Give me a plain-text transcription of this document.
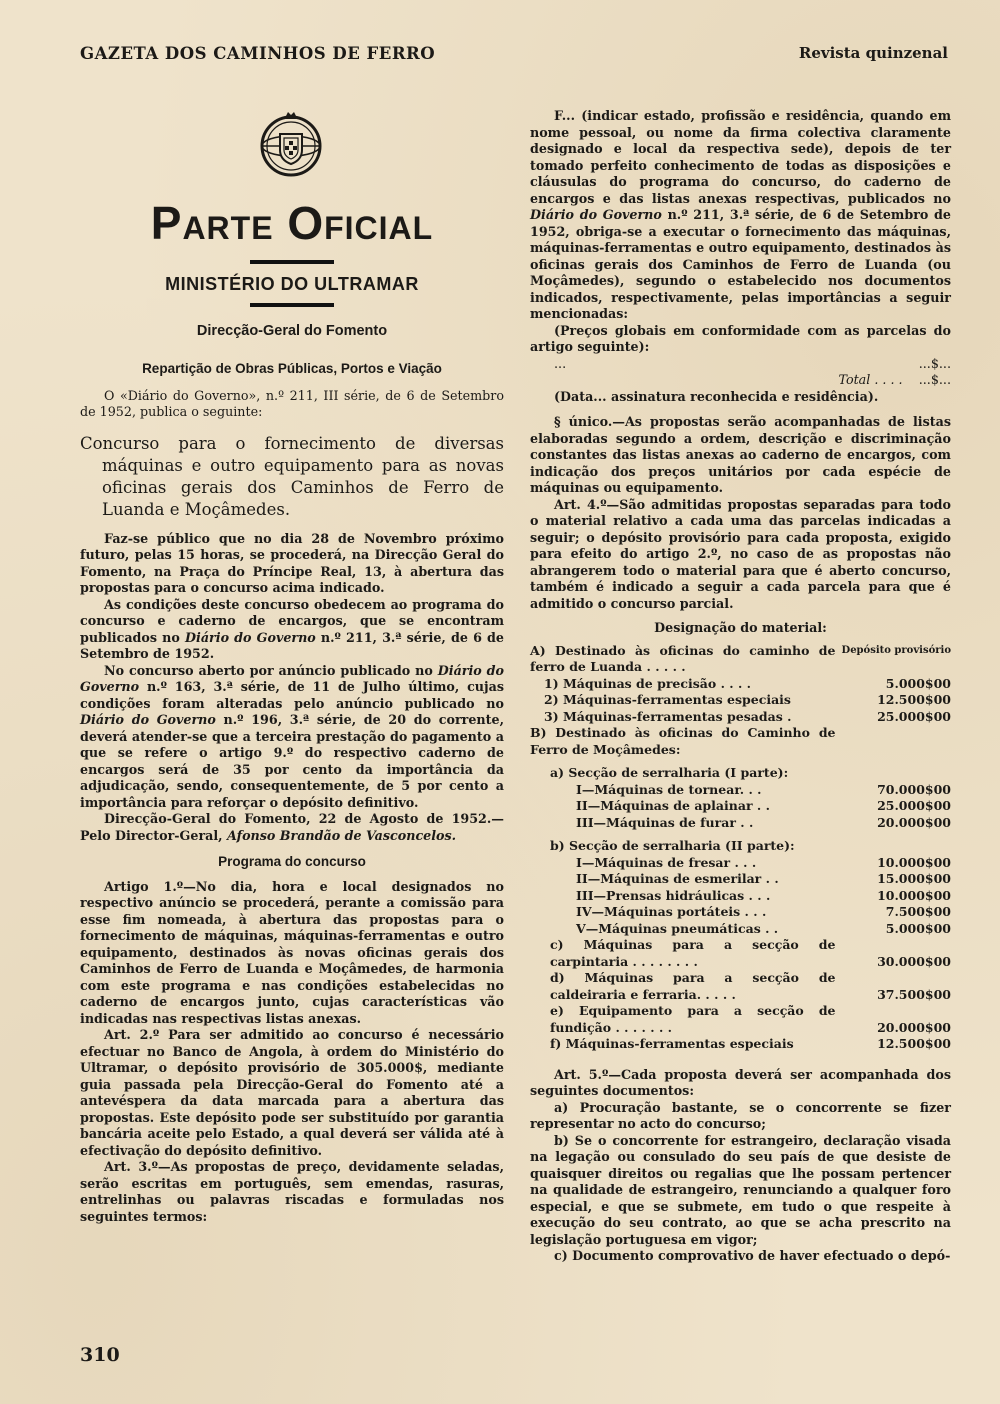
GAZETA DOS CAMINHOS DE FERRO	Revista quinzenal
Parte Oficial
MINISTÉRIO DO ULTRAMAR
Direcção-Geral do Fomento
Repartição de Obras Públicas, Portos e Viação

O «Diário do Governo», n.º 211, III série, de 6 de Setembro de 1952, publica o seguinte:

Concurso para o fornecimento de diversas máquinas e outro equipamento para as novas oficinas gerais dos Caminhos de Ferro de Luanda e Moçâmedes.

Faz-se público que no dia 28 de Novembro próximo futuro, pelas 15 horas, se procederá, na Direcção Geral do Fomento, na Praça do Príncipe Real, 13, à abertura das propostas para o concurso acima indicado.

As condições deste concurso obedecem ao programa do concurso e caderno de encargos, que se encontram publicados no Diário do Governo n.º 211, 3.ª série, de 6 de Setembro de 1952.

No concurso aberto por anúncio publicado no Diário do Governo n.º 163, 3.ª série, de 11 de Julho último, cujas condições foram alteradas pelo anúncio publicado no Diário do Governo n.º 196, 3.ª série, de 20 do corrente, deverá atender-se que a terceira prestação do pagamento a que se refere o artigo 9.º do respectivo caderno de encargos será de 35 por cento da importância da adjudicação, sendo, consequentemente, de 5 por cento a importância para reforçar o depósito definitivo.

Direcção-Geral do Fomento, 22 de Agosto de 1952.—Pelo Director-Geral, Afonso Brandão de Vasconcelos.

Programa do concurso

Artigo 1.º—No dia, hora e local designados no respectivo anúncio se procederá, perante a comissão para esse fim nomeada, à abertura das propostas para o fornecimento de máquinas, máquinas-ferramentas e outro equipamento, destinados às novas oficinas gerais dos Caminhos de Ferro de Luanda e Moçâmedes, de harmonia com este programa e nas condições estabelecidas no caderno de encargos junto, cujas características vão indicadas nas respectivas listas anexas.

Art. 2.º Para ser admitido ao concurso é necessário efectuar no Banco de Angola, à ordem do Ministério do Ultramar, o depósito provisório de 305.000$, mediante guia passada pela Direcção-Geral do Fomento até a antevéspera da data marcada para a abertura das propostas. Este depósito pode ser substituído por garantia bancária aceite pelo Estado, a qual deverá ser válida até à efectivação do depósito definitivo.

Art. 3.º—As propostas de preço, devidamente seladas, serão escritas em português, sem emendas, rasuras, entrelinhas ou palavras riscadas e formuladas nos seguintes termos:

F... (indicar estado, profissão e residência, quando em nome pessoal, ou nome da firma colectiva claramente designado e local da respectiva sede), depois de ter tomado perfeito conhecimento de todas as disposições e cláusulas do programa do concurso, do caderno de encargos e das listas anexas respectivas, publicados no Diário do Governo n.º 211, 3.ª série, de 6 de Setembro de 1952, obriga-se a executar o fornecimento das máquinas, máquinas-ferramentas e outro equipamento, destinados às oficinas gerais dos Caminhos de Ferro de Luanda (ou Moçâmedes), segundo o estabelecido nos documentos indicados, respectivamente, pelas importâncias a seguir mencionadas:

(Preços globais em conformidade com as parcelas do artigo seguinte):

...	...$...
Total . . . . ...$...

(Data... assinatura reconhecida e residência).

§ único.—As propostas serão acompanhadas de listas elaboradas segundo a ordem, descrição e discriminação constantes das listas anexas ao caderno de encargos, com indicação dos preços unitários por cada espécie de máquinas ou equipamento.

Art. 4.º—São admitidas propostas separadas para todo o material relativo a cada uma das parcelas indicadas a seguir; o depósito provisório para cada proposta, exigido para efeito do artigo 2.º, no caso de as propostas não abrangerem todo o material para que é aberto concurso, também é indicado a seguir a cada parcela para que é admitido o concurso parcial.

Designação do material:
A) Destinado às oficinas do caminho de ferro de Luanda . . . . .	Depósito provisório
1) Máquinas de precisão . . . .	5.000$00
2) Máquinas-ferramentas especiais	12.500$00
3) Máquinas-ferramentas pesadas .	25.000$00
B) Destinado às oficinas do Caminho de Ferro de Moçâmedes:	

a) Secção de serralharia (I parte):	
I—Máquinas de tornear. . .	70.000$00
II—Máquinas de aplainar . .	25.000$00
III—Máquinas de furar . .	20.000$00

b) Secção de serralharia (II parte):	
I—Máquinas de fresar . . .	10.000$00
II—Máquinas de esmerilar . .	15.000$00
III—Prensas hidráulicas . . .	10.000$00
IV—Máquinas portáteis . . .	7.500$00
V—Máquinas pneumáticas . .	5.000$00
c) Máquinas para a secção de carpintaria . . . . . . . .	30.000$00
d) Máquinas para a secção de caldeiraria e ferraria. . . . .	37.500$00
e) Equipamento para a secção de fundição . . . . . . .	20.000$00
f) Máquinas-ferramentas especiais	12.500$00

Art. 5.º—Cada proposta deverá ser acompanhada dos seguintes documentos:

a) Procuração bastante, se o concorrente se fizer representar no acto do concurso;

b) Se o concorrente for estrangeiro, declaração visada na legação ou consulado do seu país de que desiste de quaisquer direitos ou regalias que lhe possam pertencer na qualidade de estrangeiro, renunciando a qualquer foro especial, e que se submete, em tudo o que respeite à execução do seu contrato, ao que se acha prescrito na legislação portuguesa em vigor;

c) Documento comprovativo de haver efectuado o depó-

310
